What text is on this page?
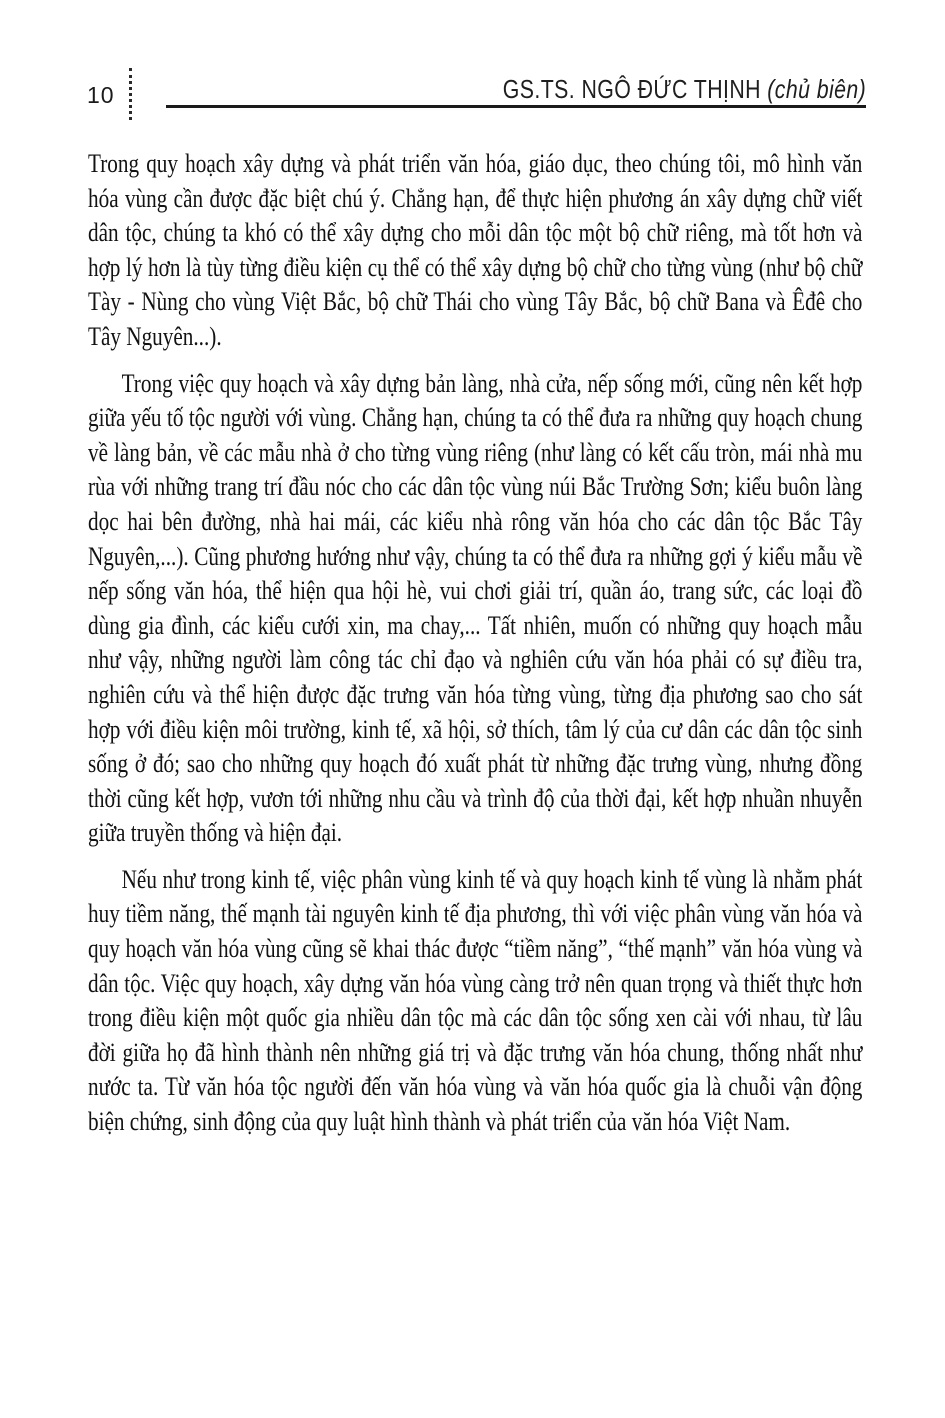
10	GS.TS. NGÔ ĐỨC THỊNH (chủ biên)

Trong quy hoạch xây dựng và phát triển văn hóa, giáo dục, theo chúng tôi, mô hình văn hóa vùng cần được đặc biệt chú ý. Chẳng hạn, để thực hiện phương án xây dựng chữ viết dân tộc, chúng ta khó có thể xây dựng cho mỗi dân tộc một bộ chữ riêng, mà tốt hơn và hợp lý hơn là tùy từng điều kiện cụ thể có thể xây dựng bộ chữ cho từng vùng (như bộ chữ Tày - Nùng cho vùng Việt Bắc, bộ chữ Thái cho vùng Tây Bắc, bộ chữ Bana và Êđê cho Tây Nguyên...).

Trong việc quy hoạch và xây dựng bản làng, nhà cửa, nếp sống mới, cũng nên kết hợp giữa yếu tố tộc người với vùng. Chẳng hạn, chúng ta có thể đưa ra những quy hoạch chung về làng bản, về các mẫu nhà ở cho từng vùng riêng (như làng có kết cấu tròn, mái nhà mu rùa với những trang trí đầu nóc cho các dân tộc vùng núi Bắc Trường Sơn; kiểu buôn làng dọc hai bên đường, nhà hai mái, các kiểu nhà rông văn hóa cho các dân tộc Bắc Tây Nguyên,...). Cũng phương hướng như vậy, chúng ta có thể đưa ra những gợi ý kiểu mẫu về nếp sống văn hóa, thể hiện qua hội hè, vui chơi giải trí, quần áo, trang sức, các loại đồ dùng gia đình, các kiểu cưới xin, ma chay,... Tất nhiên, muốn có những quy hoạch mẫu như vậy, những người làm công tác chỉ đạo và nghiên cứu văn hóa phải có sự điều tra, nghiên cứu và thể hiện được đặc trưng văn hóa từng vùng, từng địa phương sao cho sát hợp với điều kiện môi trường, kinh tế, xã hội, sở thích, tâm lý của cư dân các dân tộc sinh sống ở đó; sao cho những quy hoạch đó xuất phát từ những đặc trưng vùng, nhưng đồng thời cũng kết hợp, vươn tới những nhu cầu và trình độ của thời đại, kết hợp nhuần nhuyễn giữa truyền thống và hiện đại.

Nếu như trong kinh tế, việc phân vùng kinh tế và quy hoạch kinh tế vùng là nhằm phát huy tiềm năng, thế mạnh tài nguyên kinh tế địa phương, thì với việc phân vùng văn hóa và quy hoạch văn hóa vùng cũng sẽ khai thác được “tiềm năng”, “thế mạnh” văn hóa vùng và dân tộc. Việc quy hoạch, xây dựng văn hóa vùng càng trở nên quan trọng và thiết thực hơn trong điều kiện một quốc gia nhiều dân tộc mà các dân tộc sống xen cài với nhau, từ lâu đời giữa họ đã hình thành nên những giá trị và đặc trưng văn hóa chung, thống nhất như nước ta. Từ văn hóa tộc người đến văn hóa vùng và văn hóa quốc gia là chuỗi vận động biện chứng, sinh động của quy luật hình thành và phát triển của văn hóa Việt Nam.
